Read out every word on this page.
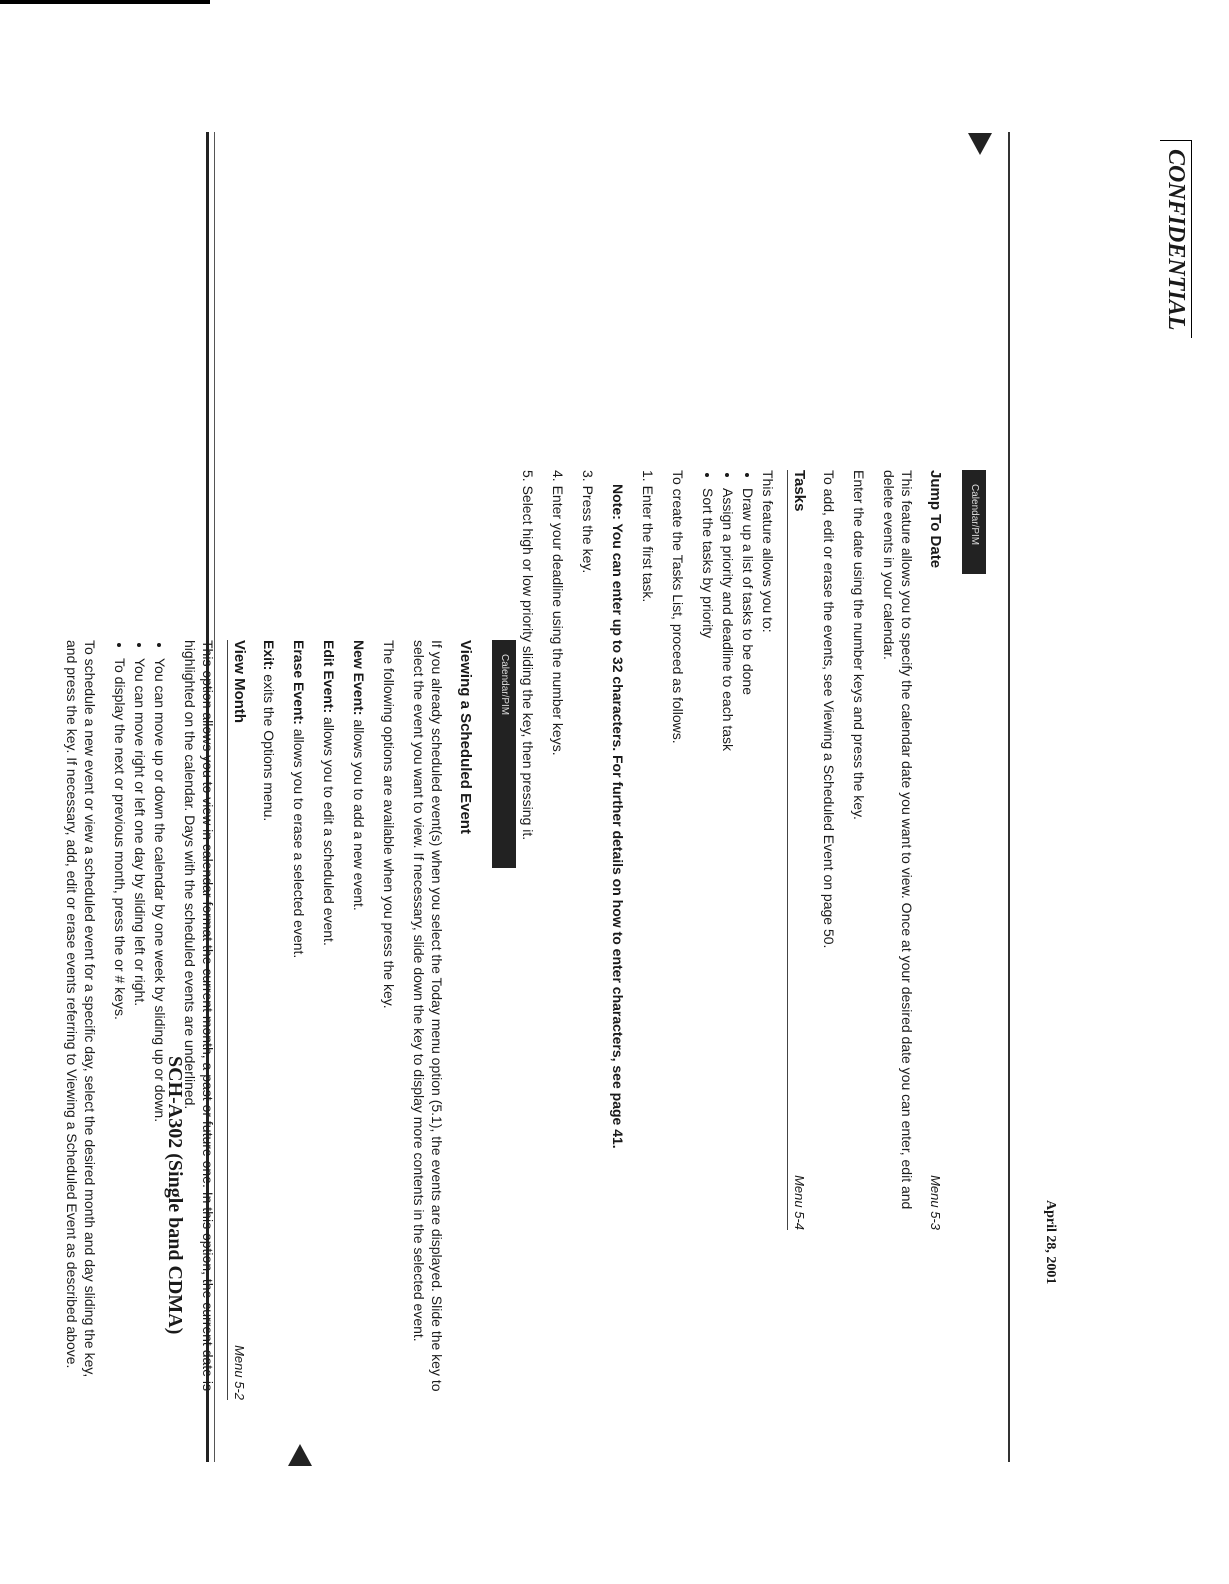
CONFIDENTIAL
April 28, 2001
SCH-A302 (Single band CDMA)
Calendar/PIM
Viewing a Scheduled Event

If you already scheduled event(s) when you select the Today menu option (5.1), the events are displayed. Slide the key to select the event you want to view. If necessary, slide down the key to display more contents in the selected event.

The following options are available when you press the key.

New Event: allows you to add a new event.

Edit Event: allows you to edit a scheduled event.

Erase Event: allows you to erase a selected event.

Exit: exits the Options menu.

View Month
Menu 5-2

This option allows you to view in calendar format the current month, a past or future one. In this option, the current date is highlighted on the calendar. Days with the scheduled events are underlined.

• You can move up or down the calendar by one week by sliding up or down.
• You can move right or left one day by sliding left or right.
• To display the next or previous month, press the or # keys.

To schedule a new event or view a scheduled event for a specific day, select the desired month and day sliding the key, and press the key. If necessary, add, edit or erase events referring to Viewing a Scheduled Event as described above.

Calendar/PIM
Jump To Date
Menu 5-3

This feature allows you to specify the calendar date you want to view. Once at your desired date you can enter, edit and delete events in your calendar.

Enter the date using the number keys and press the key.

To add, edit or erase the events, see Viewing a Scheduled Event on page 50.

Tasks
Menu 5-4

This feature allows you to:

• Draw up a list of tasks to be done
• Assign a priority and deadline to each task
• Sort the tasks by priority

To create the Tasks List, proceed as follows.

1. Enter the first task.
Note: You can enter up to 32 characters. For further details on how to enter characters, see page 41.
3. Press the key.
4. Enter your deadline using the number keys.
5. Select high or low priority sliding the key, then pressing it.
